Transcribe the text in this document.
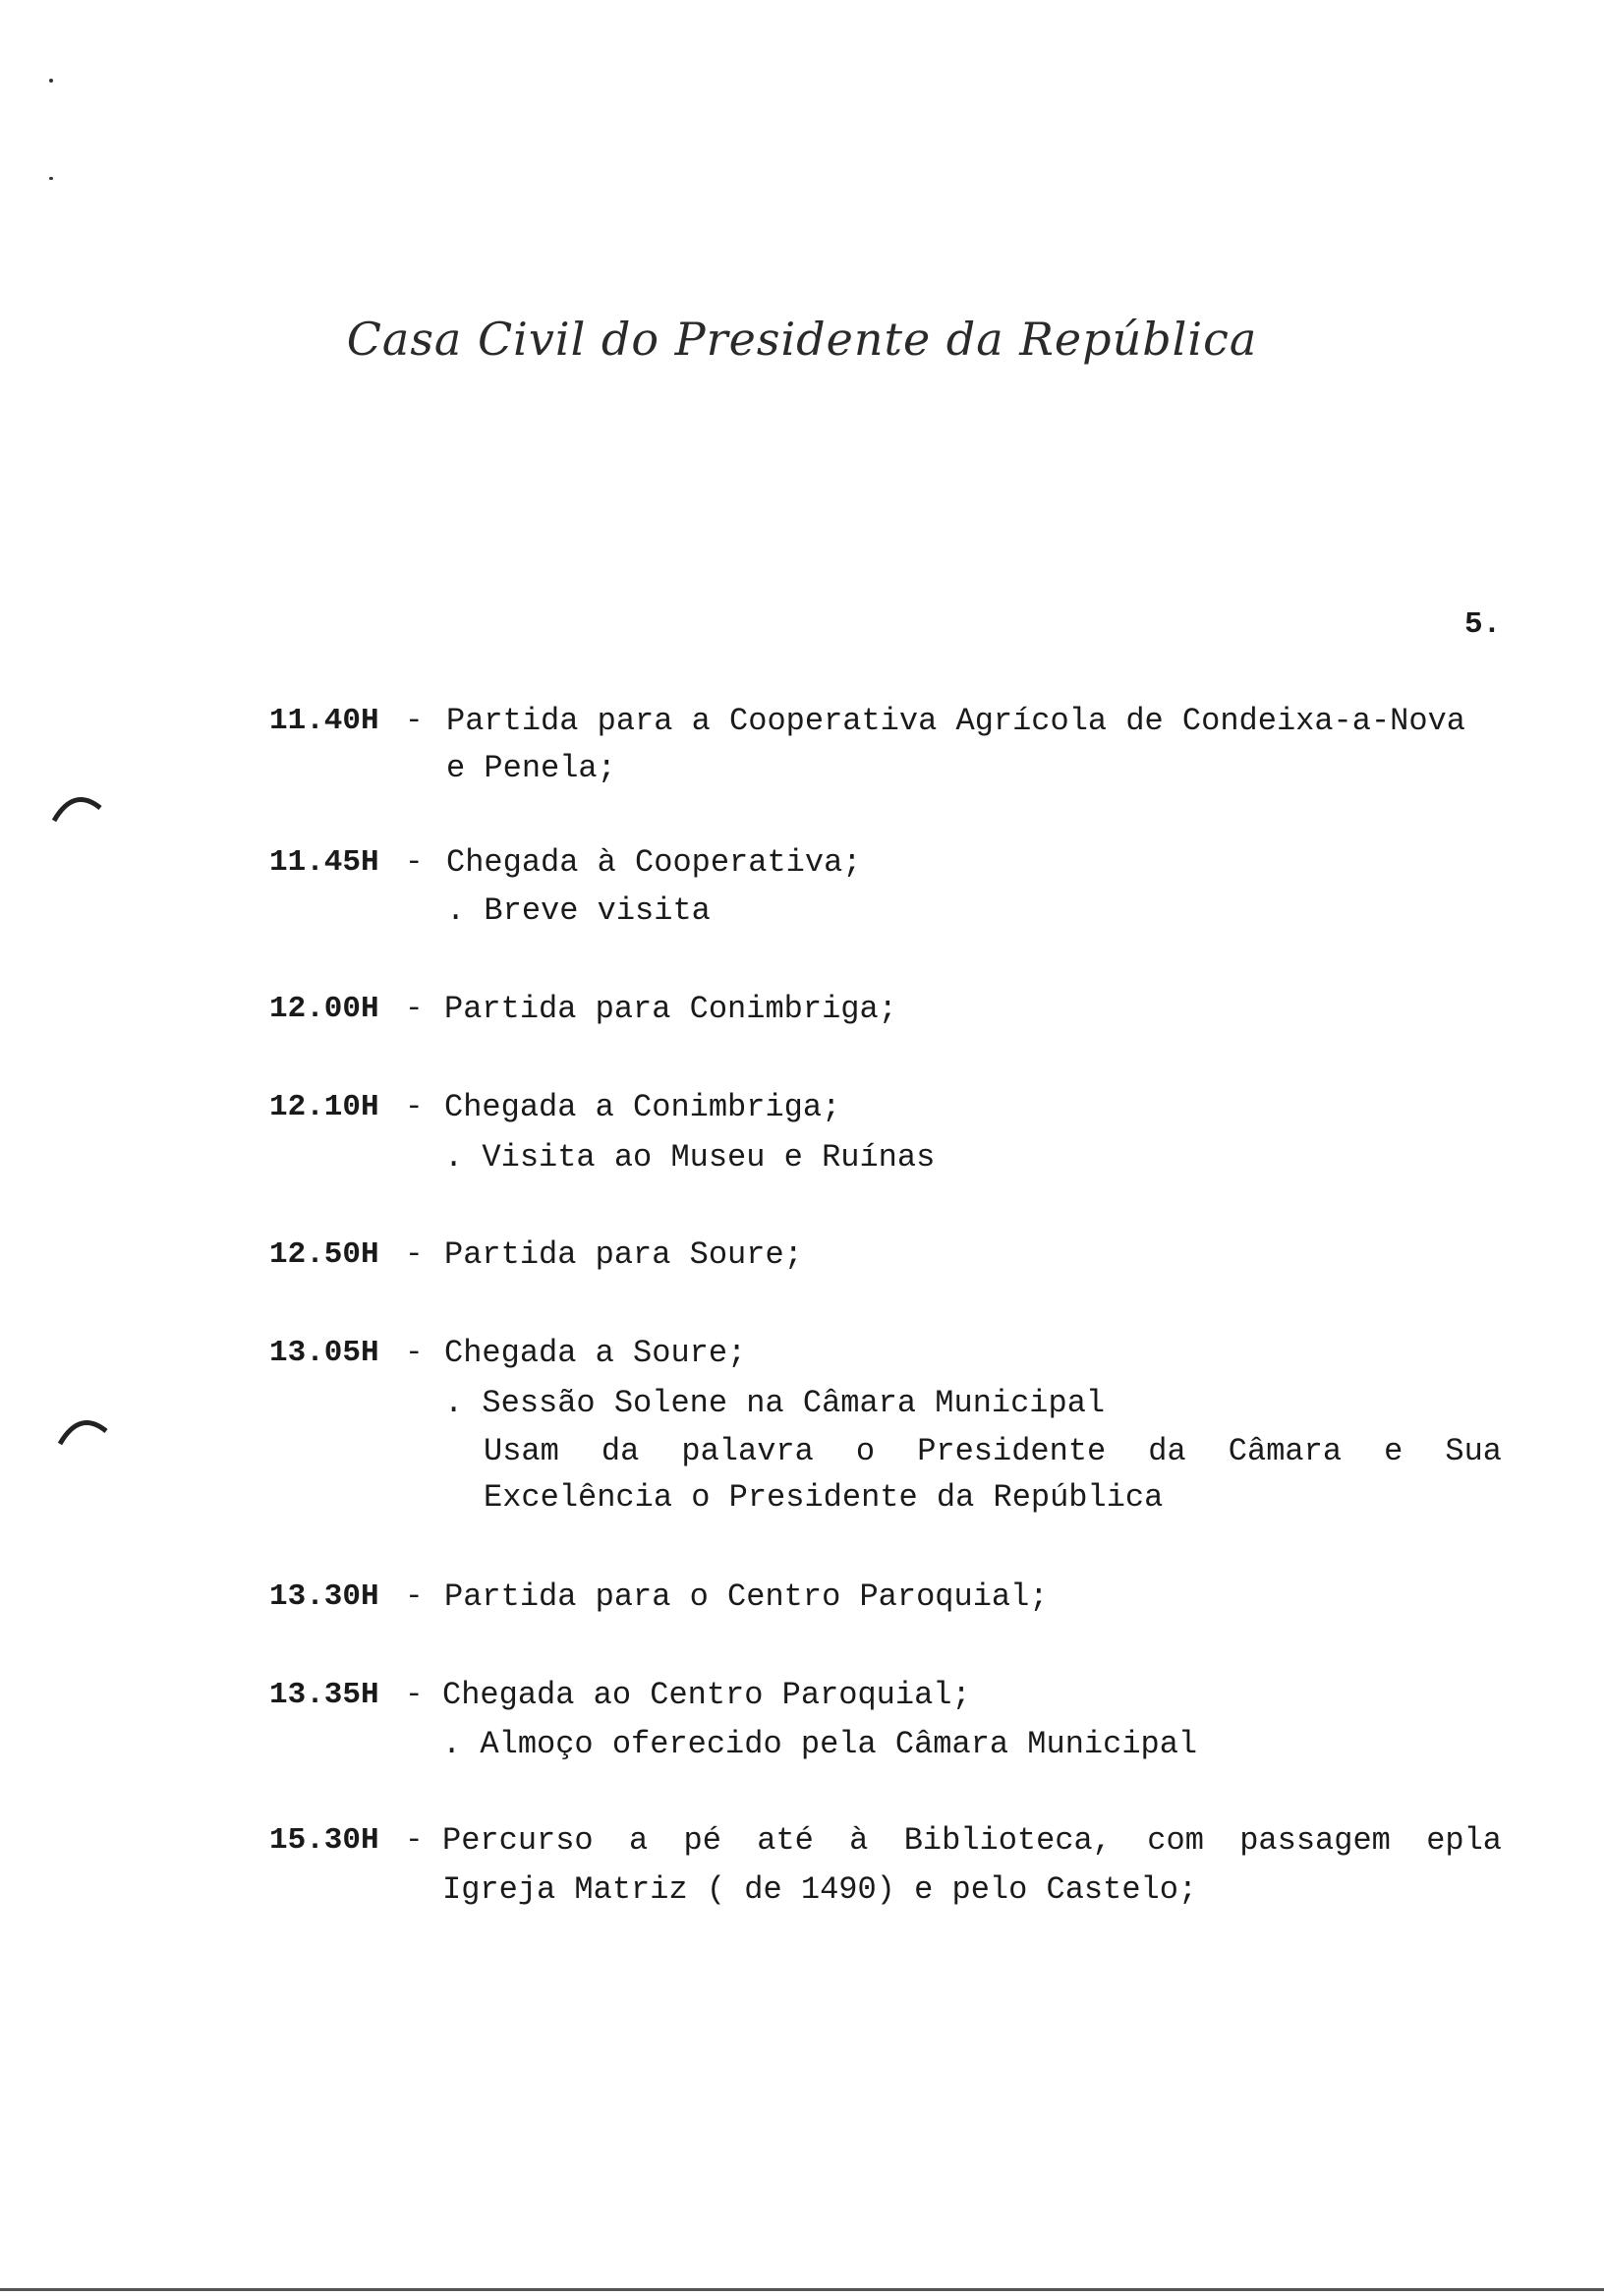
Casa Civil do Presidente da República
5.
11.40H - Partida para a Cooperativa Agrícola de Condeixa-a-Nova
e Penela;
11.45H - Chegada à Cooperativa;
. Breve visita
12.00H - Partida para Conimbriga;
12.10H - Chegada a Conimbriga;
. Visita ao Museu e Ruínas
12.50H - Partida para Soure;
13.05H - Chegada a Soure;
. Sessão Solene na Câmara Municipal
Usam da palavra o Presidente da Câmara e Sua
Excelência o Presidente da República
13.30H - Partida para o Centro Paroquial;
13.35H - Chegada ao Centro Paroquial;
. Almoço oferecido pela Câmara Municipal
15.30H - Percurso a pé até à Biblioteca, com passagem epla
Igreja Matriz ( de 1490) e pelo Castelo;
